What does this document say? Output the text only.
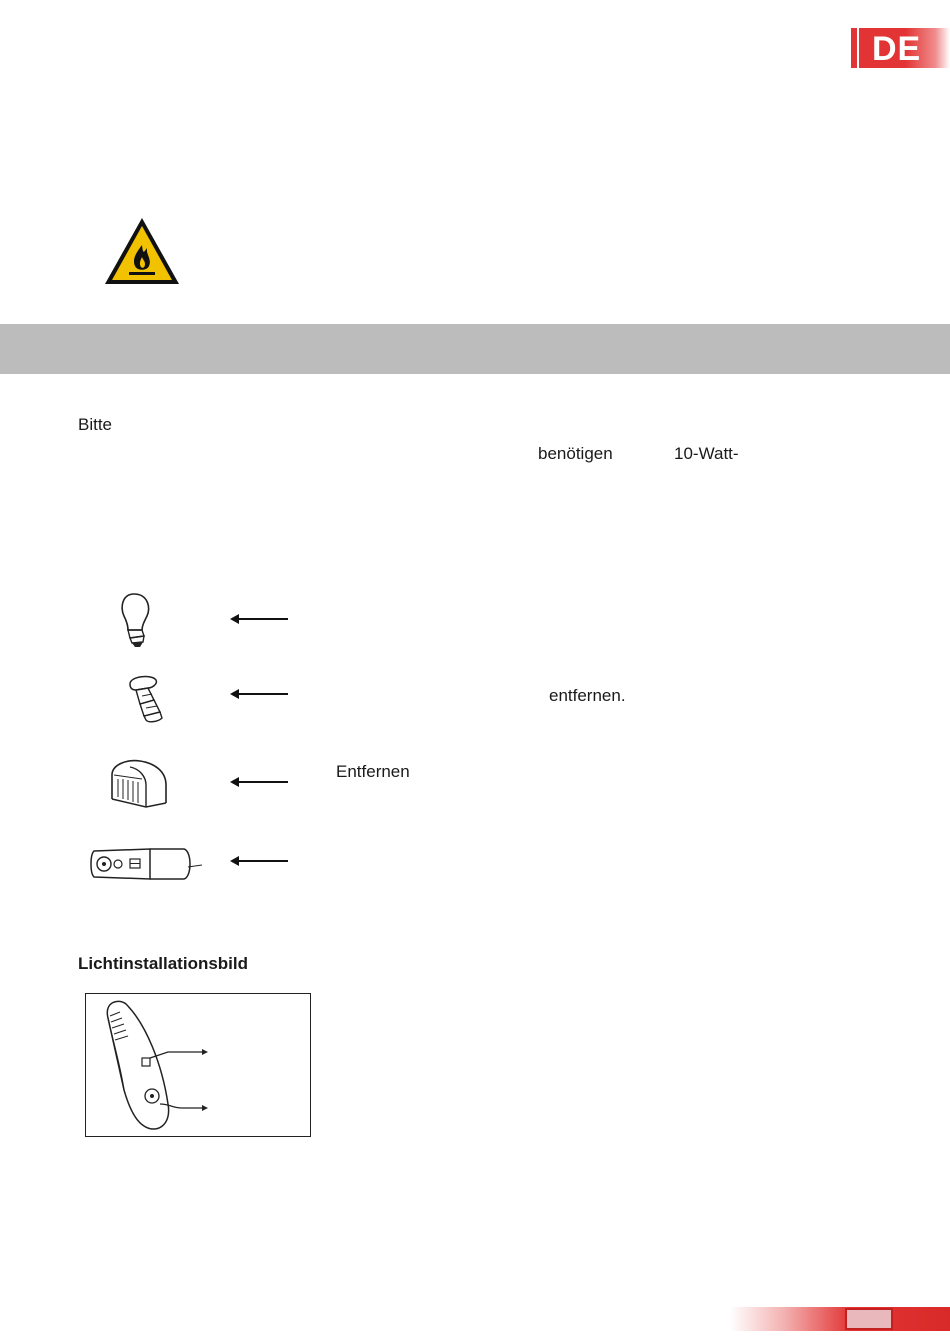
DE
Bitte
benötigen	10-Watt-
entfernen.
Entfernen
Lichtinstallationsbild
